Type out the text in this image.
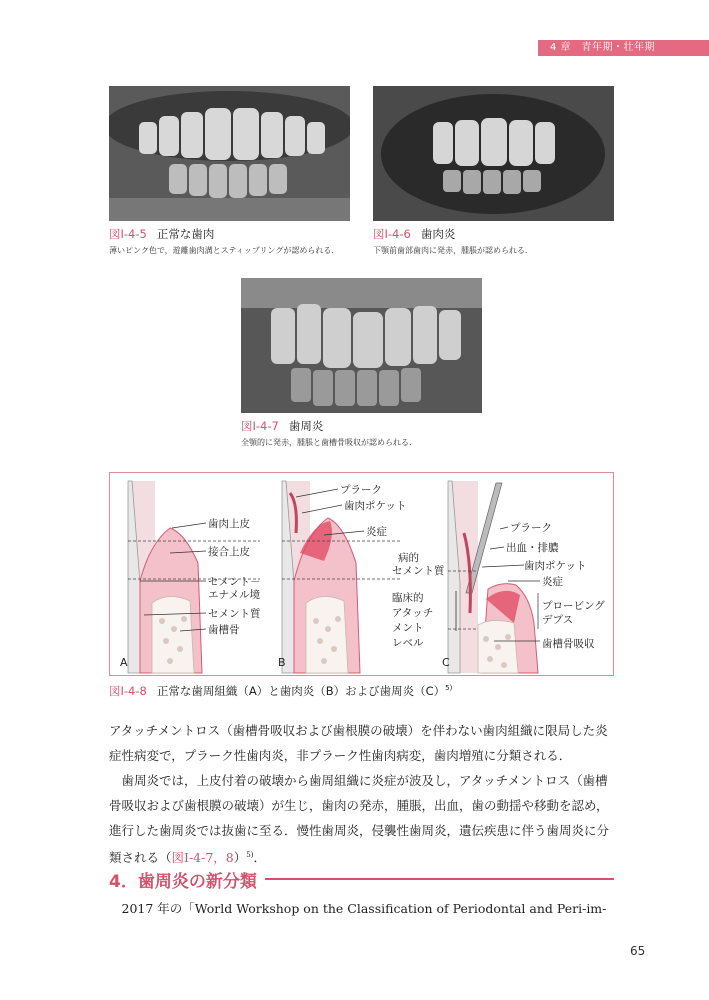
4 章　青年期・壮年期
図Ⅰ-4-5 正常な歯肉
薄いピンク色で，遊離歯肉溝とスティップリングが認められる．
図Ⅰ-4-6 歯肉炎
下顎前歯部歯肉に発赤，腫脹が認められる．
図Ⅰ-4-7 歯周炎
全顎的に発赤，腫脹と歯槽骨吸収が認められる．
歯肉上皮
接合上皮
セメント－
エナメル境
セメント質
歯槽骨
A
プラーク
歯肉ポケット
炎症
病的
セメント質
臨床的
アタッチ
メント
レベル
B
プラーク
出血・排膿
歯肉ポケット
炎症
プロービング
デプス
歯槽骨吸収
C
図Ⅰ-4-8 正常な歯周組織（A）と歯肉炎（B）および歯周炎$(C)^{5)}$

アタッチメントロス（歯槽骨吸収および歯根膜の破壊）を伴わない歯肉組織に限局した炎症性病変で，プラーク性歯肉炎，非プラーク性歯肉病変，歯肉増殖に分類される．

歯周炎では，上皮付着の破壊から歯周組織に炎症が波及し，アタッチメントロス（歯槽骨吸収および歯根膜の破壊）が生じ，歯肉の発赤，腫脹，出血，歯の動揺や移動を認め，進行した歯周炎では抜歯に至る．慢性歯周炎，侵襲性歯周炎，遺伝疾患に伴う歯周炎に分類される（図Ⅰ-4-7，8）$^{5)}$．

4．歯周炎の新分類

2017 年の「World Workshop on the Classification of Periodontal and Peri-im-

65
